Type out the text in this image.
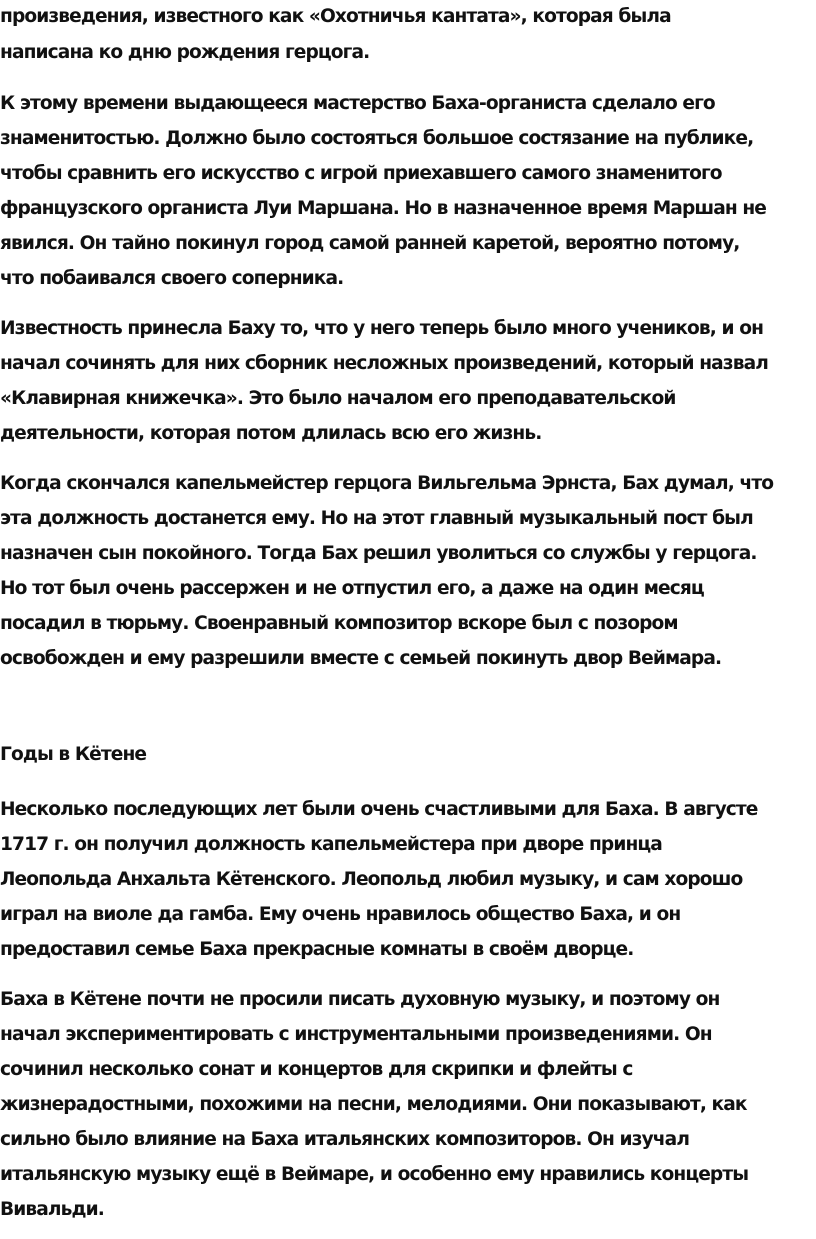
произведения, известного как «Охотничья кантата», которая была
написана ко дню рождения герцога.
К этому времени выдающееся мастерство Баха-органиста сделало его
знаменитостью. Должно было состояться большое состязание на публике,
чтобы сравнить его искусство с игрой приехавшего самого знаменитого
французского органиста Луи Маршана. Но в назначенное время Маршан не
явился. Он тайно покинул город самой ранней каретой, вероятно потому,
что побаивался своего соперника.
Известность принесла Баху то, что у него теперь было много учеников, и он
начал сочинять для них сборник несложных произведений, который назвал
«Клавирная книжечка». Это было началом его преподавательской
деятельности, которая потом длилась всю его жизнь.
Когда скончался капельмейстер герцога Вильгельма Эрнста, Бах думал, что
эта должность достанется ему. Но на этот главный музыкальный пост был
назначен сын покойного. Тогда Бах решил уволиться со службы у герцога.
Но тот был очень рассержен и не отпустил его, а даже на один месяц
посадил в тюрьму. Своенравный композитор вскоре был с позором
освобожден и ему разрешили вместе с семьей покинуть двор Веймара.
Годы в Кётене
Несколько последующих лет были очень счастливыми для Баха. В августе
1717 г. он получил должность капельмейстера при дворе принца
Леопольда Анхальта Кётенского. Леопольд любил музыку, и сам хорошо
играл на виоле да гамба. Ему очень нравилось общество Баха, и он
предоставил семье Баха прекрасные комнаты в своём дворце.
Баха в Кётене почти не просили писать духовную музыку, и поэтому он
начал экспериментировать с инструментальными произведениями. Он
сочинил несколько сонат и концертов для скрипки и флейты с
жизнерадостными, похожими на песни, мелодиями. Они показывают, как
сильно было влияние на Баха итальянских композиторов. Он изучал
итальянскую музыку ещё в Веймаре, и особенно ему нравились концерты
Вивальди.
